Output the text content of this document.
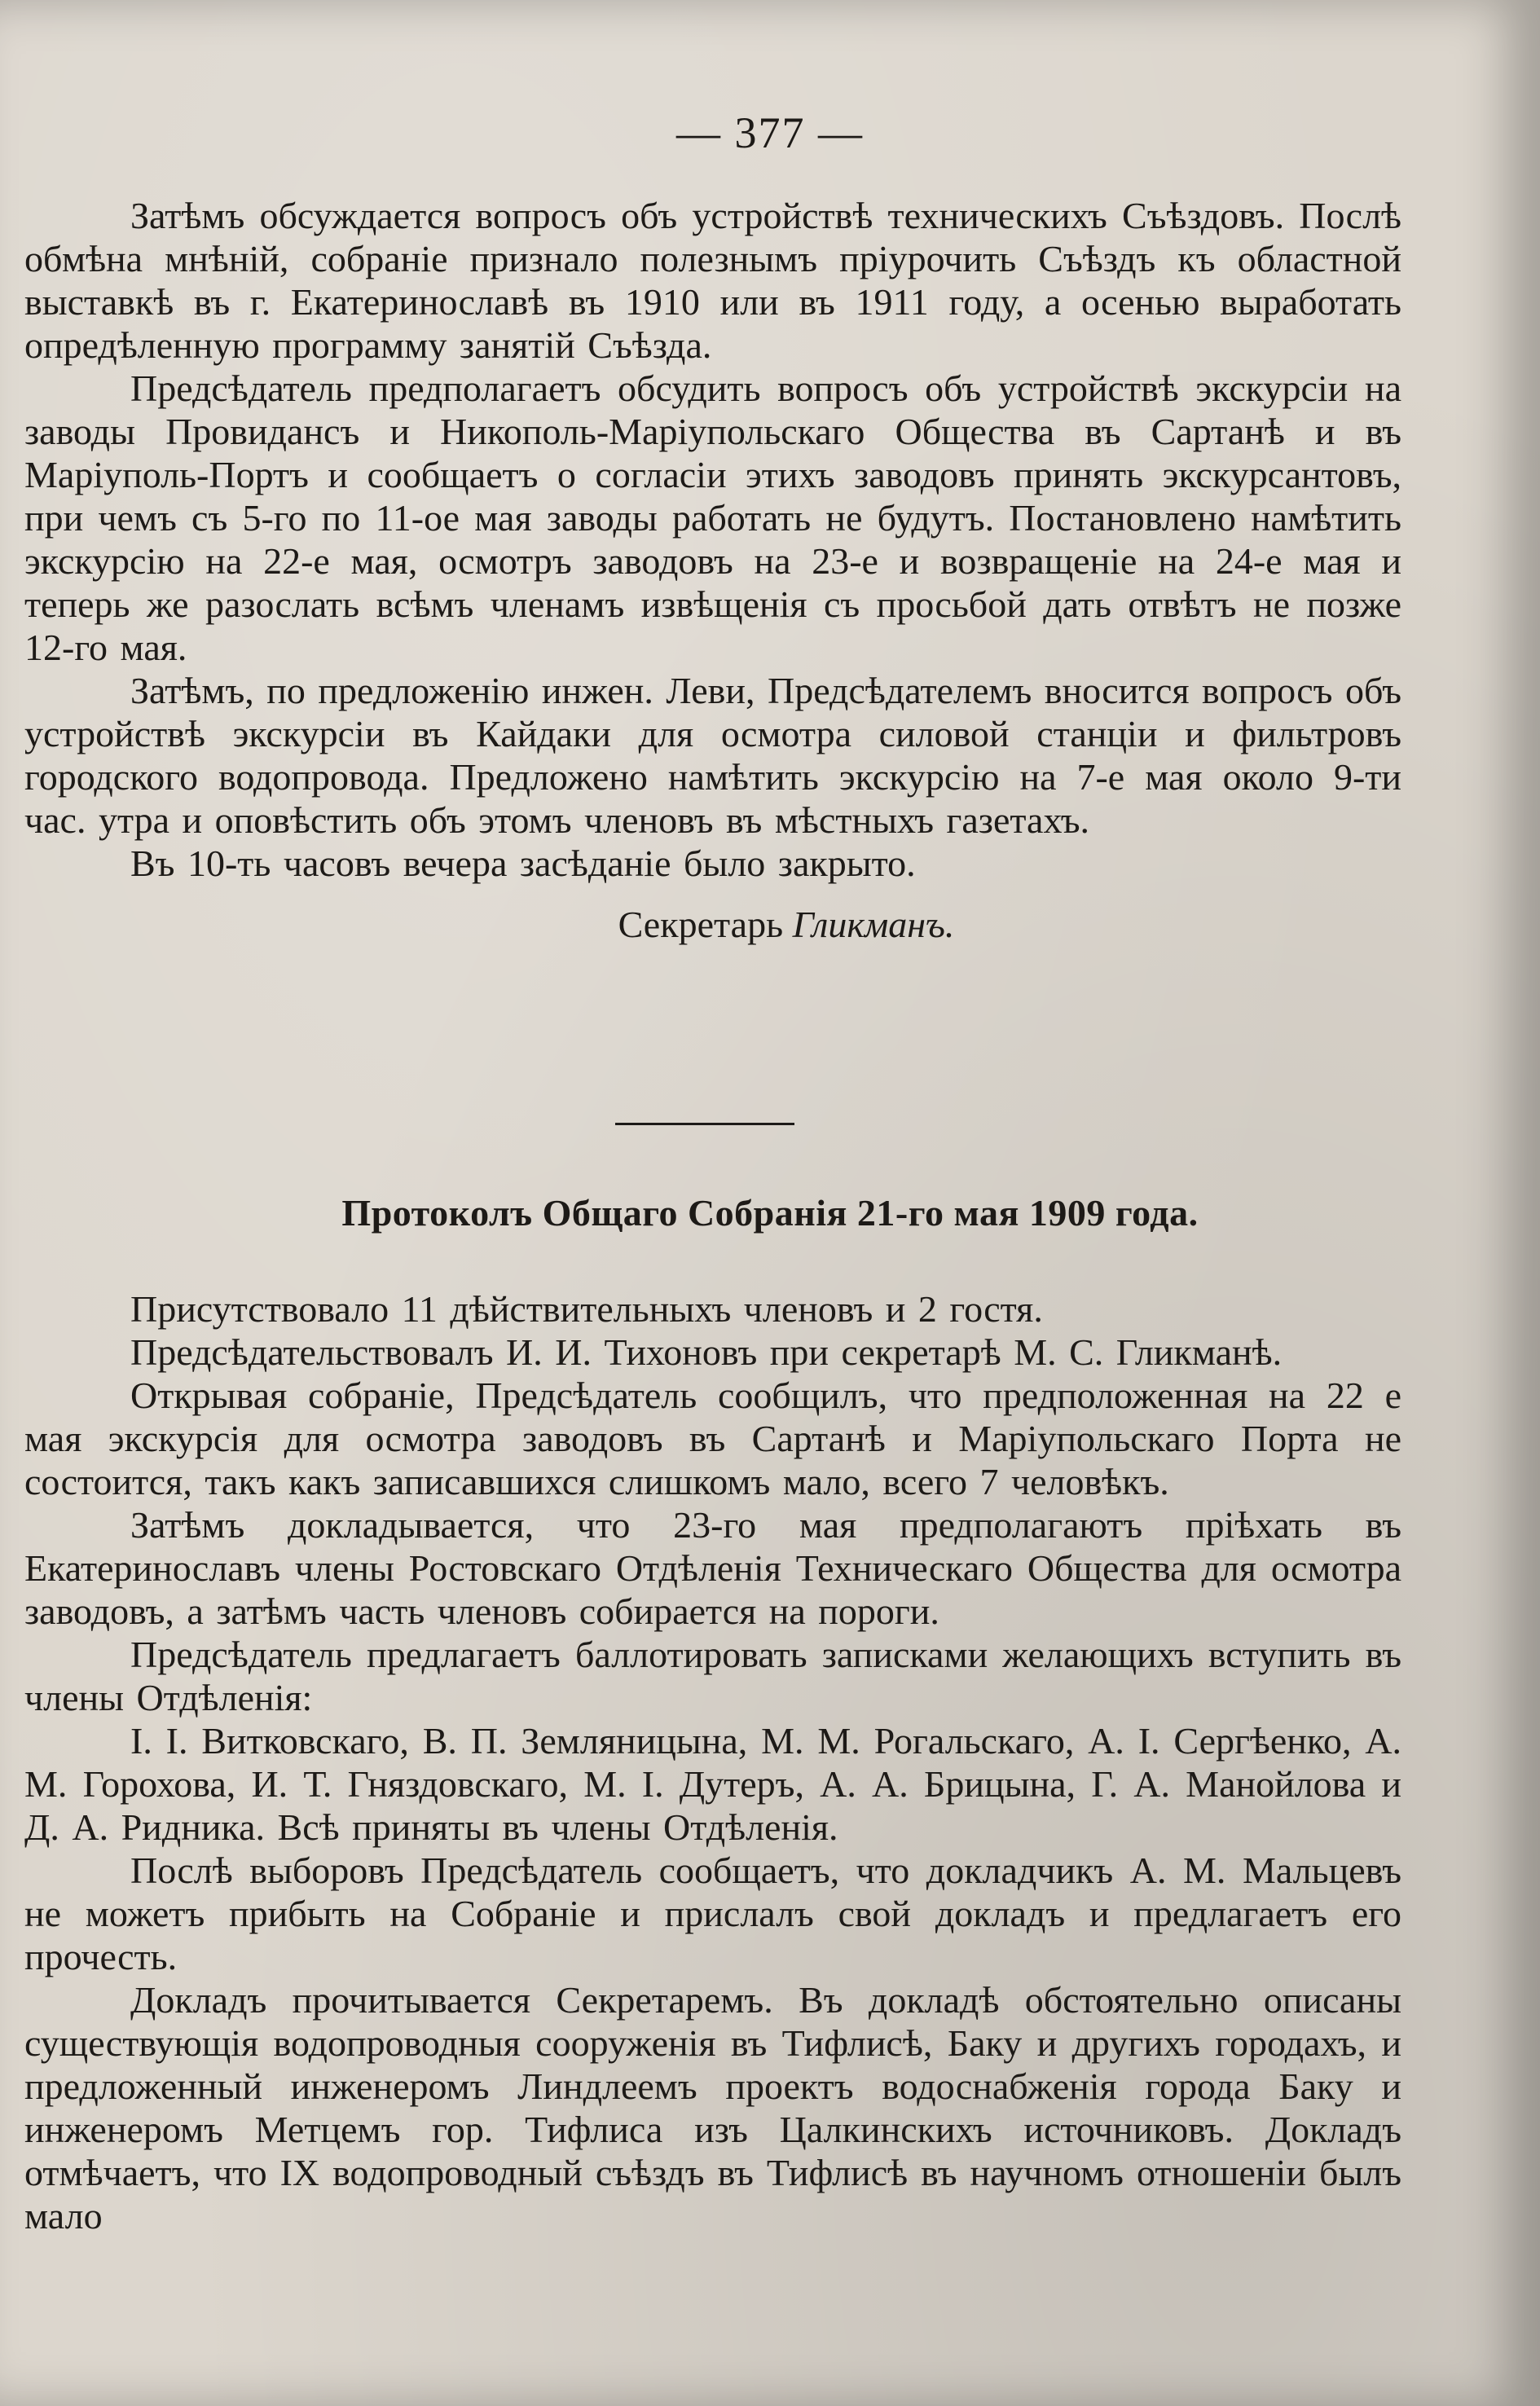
— 377 —

Затѣмъ обсуждается вопросъ объ устройствѣ техническихъ Съѣздовъ. Послѣ обмѣна мнѣній, собраніе признало полезнымъ пріурочить Съѣздъ къ областной выставкѣ въ г. Екатеринославѣ въ 1910 или въ 1911 году, а осенью выработать опредѣленную программу занятій Съѣзда.

Предсѣдатель предполагаетъ обсудить вопросъ объ устройствѣ экскурсіи на заводы Провидансъ и Никополь-Маріупольскаго Общества въ Сартанѣ и въ Маріуполь-Портъ и сообщаетъ о согласіи этихъ заводовъ принять экскурсантовъ, при чемъ съ 5-го по 11-ое мая заводы работать не будутъ. Постановлено намѣтить экскурсію на 22-е мая, осмотръ заводовъ на 23-е и возвращеніе на 24-е мая и теперь же разослать всѣмъ членамъ извѣщенія съ просьбой дать отвѣтъ не позже 12-го мая.

Затѣмъ, по предложенію инжен. Леви, Предсѣдателемъ вносится вопросъ объ устройствѣ экскурсіи въ Кайдаки для осмотра силовой станціи и фильтровъ городского водопровода. Предложено намѣтить экскурсію на 7-е мая около 9-ти час. утра и оповѣстить объ этомъ членовъ въ мѣстныхъ газетахъ.

Въ 10-ть часовъ вечера засѣданіе было закрыто.

Секретарь Гликманъ.

Протоколъ Общаго Собранія 21-го мая 1909 года.

Присутствовало 11 дѣйствительныхъ членовъ и 2 гостя.

Предсѣдательствовалъ И. И. Тихоновъ при секретарѣ М. С. Гликманѣ.

Открывая собраніе, Предсѣдатель сообщилъ, что предположенная на 22 е мая экскурсія для осмотра заводовъ въ Сартанѣ и Маріупольскаго Порта не состоится, такъ какъ записавшихся слишкомъ мало, всего 7 человѣкъ.

Затѣмъ докладывается, что 23-го мая предполагаютъ пріѣхать въ Екатеринославъ члены Ростовскаго Отдѣленія Техническаго Общества для осмотра заводовъ, а затѣмъ часть членовъ собирается на пороги.

Предсѣдатель предлагаетъ баллотировать записками желающихъ вступить въ члены Отдѣленія:

І. І. Витковскаго, В. П. Земляницына, М. М. Рогальскаго, А. І. Сергѣенко, А. М. Горохова, И. Т. Гняздовскаго, М. І. Дутеръ, А. А. Брицына, Г. А. Манойлова и Д. А. Ридника. Всѣ приняты въ члены Отдѣленія.

Послѣ выборовъ Предсѣдатель сообщаетъ, что докладчикъ А. М. Мальцевъ не можетъ прибыть на Собраніе и прислалъ свой докладъ и предлагаетъ его прочесть.

Докладъ прочитывается Секретаремъ. Въ докладѣ обстоятельно описаны существующія водопроводныя сооруженія въ Тифлисѣ, Баку и другихъ городахъ, и предложенный инженеромъ Линдлеемъ проектъ водоснабженія города Баку и инженеромъ Метцемъ гор. Тифлиса изъ Цалкинскихъ источниковъ. Докладъ отмѣчаетъ, что IX водопроводный съѣздъ въ Тифлисѣ въ научномъ отношеніи былъ мало
